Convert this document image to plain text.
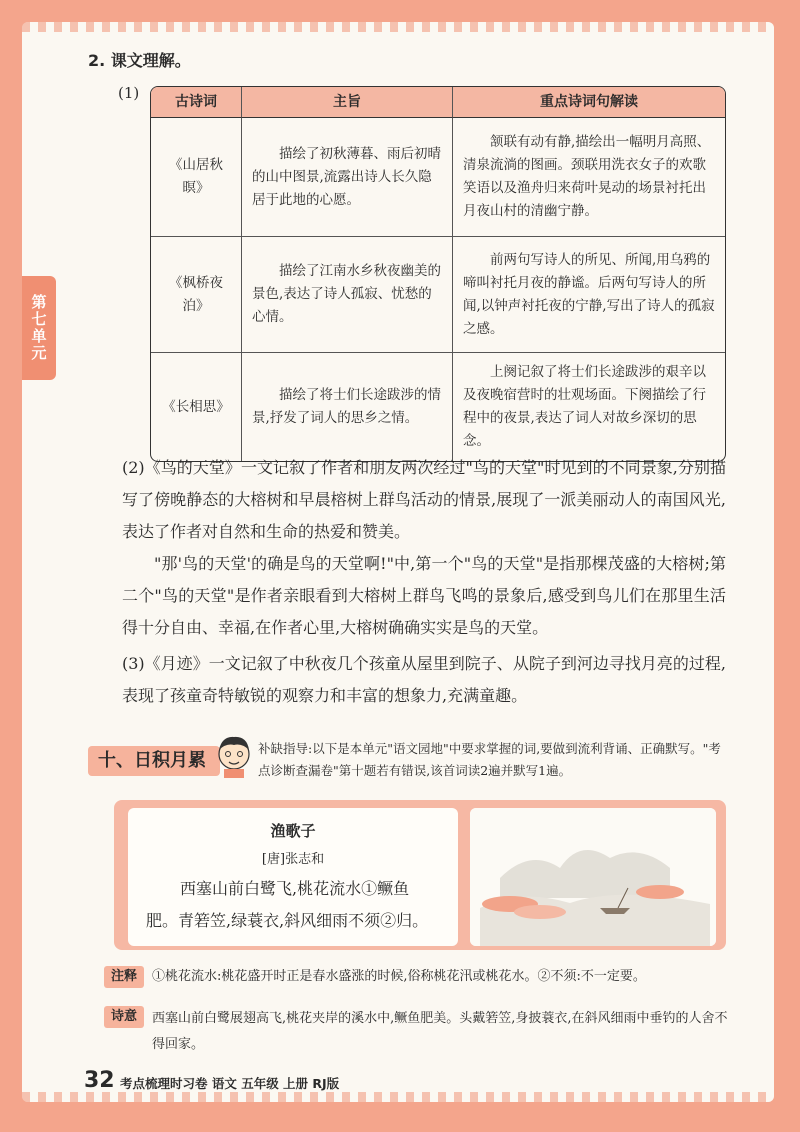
第七单元
2. 课文理解。
(1)	古诗词	主旨	重点诗词句解读
《山居秋暝》	描绘了初秋薄暮、雨后初晴的山中图景,流露出诗人长久隐居于此地的心愿。	颔联有动有静,描绘出一幅明月高照、清泉流淌的图画。颈联用洗衣女子的欢歌笑语以及渔舟归来荷叶晃动的场景衬托出月夜山村的清幽宁静。
《枫桥夜泊》	描绘了江南水乡秋夜幽美的景色,表达了诗人孤寂、忧愁的心情。	前两句写诗人的所见、所闻,用乌鸦的啼叫衬托月夜的静谧。后两句写诗人的所闻,以钟声衬托夜的宁静,写出了诗人的孤寂之感。
《长相思》	描绘了将士们长途跋涉的情景,抒发了词人的思乡之情。	上阕记叙了将士们长途跋涉的艰辛以及夜晚宿营时的壮观场面。下阕描绘了行程中的夜景,表达了词人对故乡深切的思念。
(2)《鸟的天堂》一文记叙了作者和朋友两次经过"鸟的天堂"时见到的不同景象,分别描写了傍晚静态的大榕树和早晨榕树上群鸟活动的情景,展现了一派美丽动人的南国风光,表达了作者对自然和生命的热爱和赞美。
"那'鸟的天堂'的确是鸟的天堂啊!"中,第一个"鸟的天堂"是指那棵茂盛的大榕树;第二个"鸟的天堂"是作者亲眼看到大榕树上群鸟飞鸣的景象后,感受到鸟儿们在那里生活得十分自由、幸福,在作者心里,大榕树确确实实是鸟的天堂。
(3)《月迹》一文记叙了中秋夜几个孩童从屋里到院子、从院子到河边寻找月亮的过程,表现了孩童奇特敏锐的观察力和丰富的想象力,充满童趣。
十、日积月累
补缺指导:以下是本单元"语文园地"中要求掌握的词,要做到流利背诵、正确默写。"考点诊断查漏卷"第十题若有错误,该首词读2遍并默写1遍。
渔歌子
[唐]张志和
西塞山前白鹭飞,桃花流水①鳜鱼
肥。青箬笠,绿蓑衣,斜风细雨不须②归。
注释	①桃花流水:桃花盛开时正是春水盛涨的时候,俗称桃花汛或桃花水。②不须:不一定要。
诗意	西塞山前白鹭展翅高飞,桃花夹岸的溪水中,鳜鱼肥美。头戴箬笠,身披蓑衣,在斜风细雨中垂钓的人舍不得回家。
32 考点梳理时习卷 语文 五年级 上册 RJ版
